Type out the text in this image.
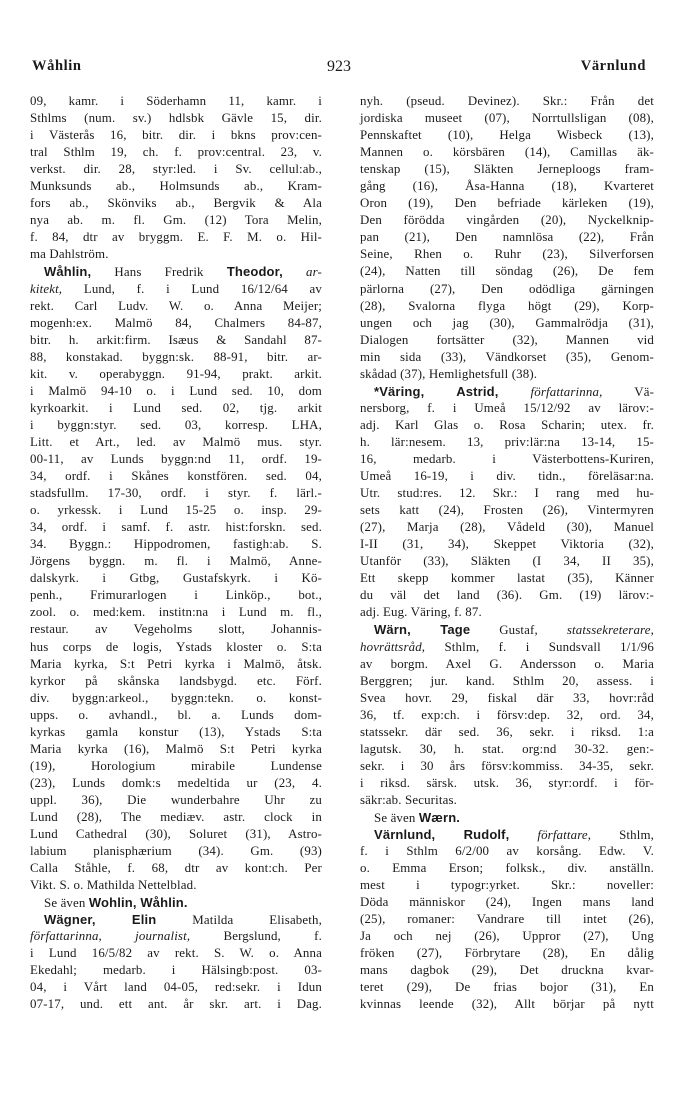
Wåhlin	923	Värnlund
09, kamr. i Söderhamn 11, kamr. i
Sthlms (num. sv.) hdlsbk Gävle 15, dir.
i Västerås 16, bitr. dir. i bkns prov:cen-
tral Sthlm 19, ch. f. prov:central. 23, v.
verkst. dir. 28, styr:led. i Sv. cellul:ab.,
Munksunds ab., Holmsunds ab., Kram-
fors ab., Skönviks ab., Bergvik & Ala
nya ab. m. fl. Gm. (12) Tora Melin,
f. 84, dtr av bryggm. E. F. M. o. Hil-
ma Dahlström.
Wåhlin, Hans Fredrik Theodor, ar-
kitekt, Lund, f. i Lund 16/12/64 av
rekt. Carl Ludv. W. o. Anna Meijer;
mogenh:ex. Malmö 84, Chalmers 84-87,
bitr. h. arkit:firm. Isæus & Sandahl 87-
88, konstakad. byggn:sk. 88-91, bitr. ar-
kit. v. operabyggn. 91-94, prakt. arkit.
i Malmö 94-10 o. i Lund sed. 10, dom
kyrkoarkit. i Lund sed. 02, tjg. arkit
i byggn:styr. sed. 03, korresp. LHA,
Litt. et Art., led. av Malmö mus. styr.
00-11, av Lunds byggn:nd 11, ordf. 19-
34, ordf. i Skånes konstfören. sed. 04,
stadsfullm. 17-30, ordf. i styr. f. lärl.-
o. yrkessk. i Lund 15-25 o. insp. 29-
34, ordf. i samf. f. astr. hist:forskn. sed.
34. Byggn.: Hippodromen, fastigh:ab. S.
Jörgens byggn. m. fl. i Malmö, Anne-
dalskyrk. i Gtbg, Gustafskyrk. i Kö-
penh., Frimurarlogen i Linköp., bot.,
zool. o. med:kem. institn:na i Lund m. fl.,
restaur. av Vegeholms slott, Johannis-
hus corps de logis, Ystads kloster o. S:ta
Maria kyrka, S:t Petri kyrka i Malmö, åtsk.
kyrkor på skånska landsbygd. etc. Förf.
div. byggn:arkeol., byggn:tekn. o. konst-
upps. o. avhandl., bl. a. Lunds dom-
kyrkas gamla konstur (13), Ystads S:ta
Maria kyrka (16), Malmö S:t Petri kyrka
(19), Horologium mirabile Lundense
(23), Lunds domk:s medeltida ur (23, 4.
uppl. 36), Die wunderbahre Uhr zu
Lund (28), The mediæv. astr. clock in
Lund Cathedral (30), Soluret (31), Astro-
labium planisphærium (34). Gm. (93)
Calla Ståhle, f. 68, dtr av kont:ch. Per
Vikt. S. o. Mathilda Nettelblad.
Se även Wohlin, Wåhlin.
Wägner, Elin Matilda Elisabeth,
författarinna, journalist, Bergslund, f.
i Lund 16/5/82 av rekt. S. W. o. Anna
Ekedahl; medarb. i Hälsingb:post. 03-
04, i Vårt land 04-05, red:sekr. i Idun
07-17, und. ett ant. år skr. art. i Dag.
nyh. (pseud. Devinez). Skr.: Från det
jordiska museet (07), Norrtullsligan (08),
Pennskaftet (10), Helga Wisbeck (13),
Mannen o. körsbären (14), Camillas äk-
tenskap (15), Släkten Jerneploogs fram-
gång (16), Åsa-Hanna (18), Kvarteret
Oron (19), Den befriade kärleken (19),
Den förödda vingården (20), Nyckelknip-
pan (21), Den namnlösa (22), Från
Seine, Rhen o. Ruhr (23), Silverforsen
(24), Natten till söndag (26), De fem
pärlorna (27), Den odödliga gärningen
(28), Svalorna flyga högt (29), Korp-
ungen och jag (30), Gammalrödja (31),
Dialogen fortsätter (32), Mannen vid
min sida (33), Vändkorset (35), Genom-
skådad (37), Hemlighetsfull (38).
*Väring, Astrid, författarinna, Vä-
nersborg, f. i Umeå 15/12/92 av lärov:-
adj. Karl Glas o. Rosa Scharin; utex. fr.
h. lär:nesem. 13, priv:lär:na 13-14, 15-
16, medarb. i Västerbottens-Kuriren,
Umeå 16-19, i div. tidn., föreläsar:na.
Utr. stud:res. 12. Skr.: I rang med hu-
sets katt (24), Frosten (26), Vintermyren
(27), Marja (28), Vådeld (30), Manuel
I-II (31, 34), Skeppet Viktoria (32),
Utanför (33), Släkten (I 34, II 35),
Ett skepp kommer lastat (35), Känner
du väl det land (36). Gm. (19) lärov:-
adj. Eug. Väring, f. 87.
Wärn, Tage Gustaf, statssekreterare,
hovrättsråd, Sthlm, f. i Sundsvall 1/1/96
av borgm. Axel G. Andersson o. Maria
Berggren; jur. kand. Sthlm 20, assess. i
Svea hovr. 29, fiskal där 33, hovr:råd
36, tf. exp:ch. i försv:dep. 32, ord. 34,
statssekr. där sed. 36, sekr. i riksd. 1:a
lagutsk. 30, h. stat. org:nd 30-32. gen:-
sekr. i 30 års försv:kommiss. 34-35, sekr.
i riksd. särsk. utsk. 36, styr:ordf. i för-
säkr:ab. Securitas.
Se även Wærn.
Värnlund, Rudolf, författare, Sthlm,
f. i Sthlm 6/2/00 av korsång. Edw. V.
o. Emma Erson; folksk., div. anställn.
mest i typogr:yrket. Skr.: noveller:
Döda människor (24), Ingen mans land
(25), romaner: Vandrare till intet (26),
Ja och nej (26), Uppror (27), Ung
fröken (27), Förbrytare (28), En dålig
mans dagbok (29), Det druckna kvar-
teret (29), De frias bojor (31), En
kvinnas leende (32), Allt börjar på nytt
